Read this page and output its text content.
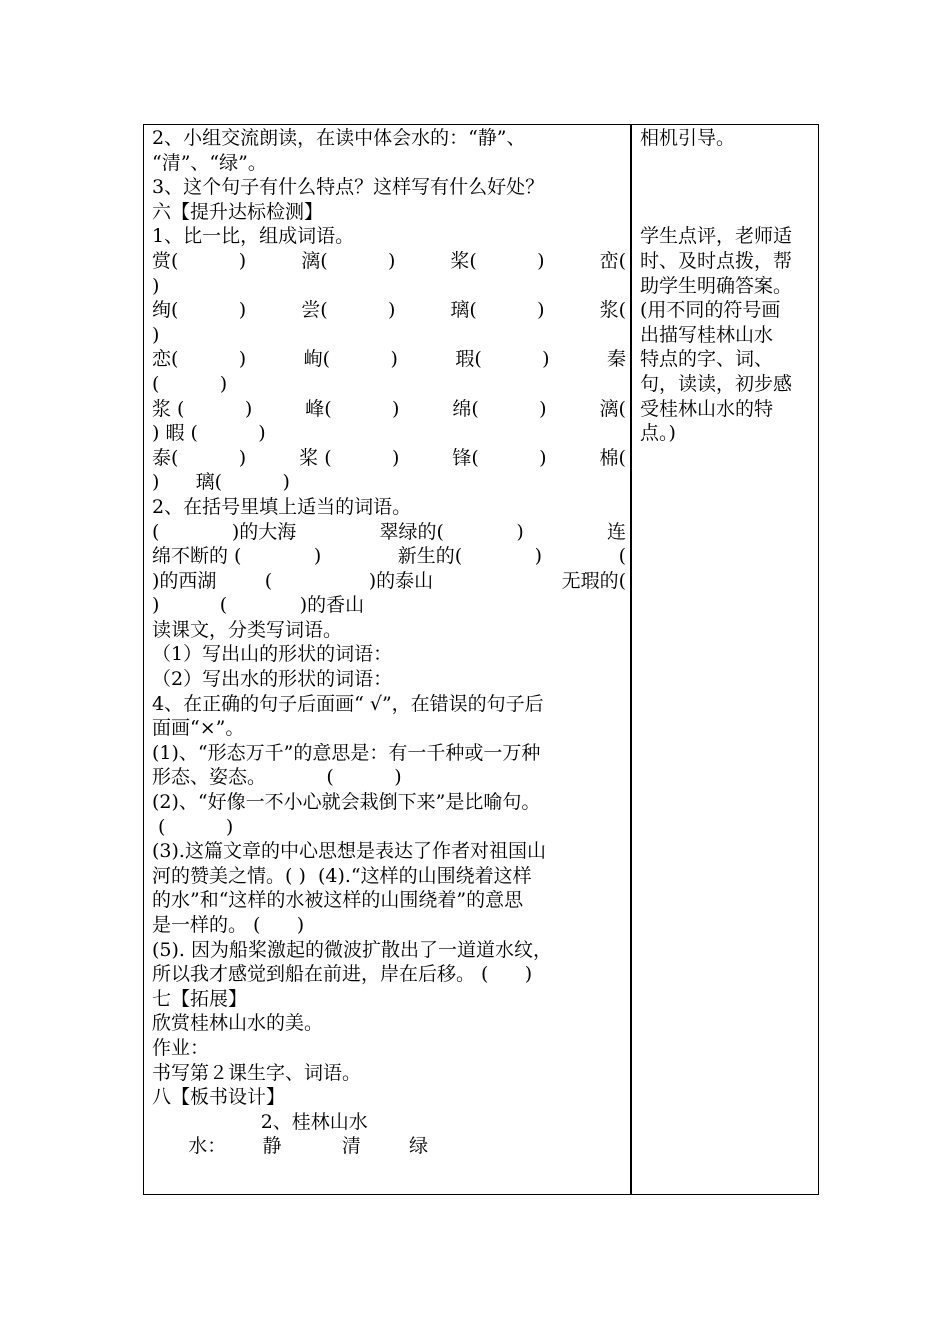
2、小组交流朗读，在读中体会水的：“静”、
“清”、“绿”。
3、这个句子有什么特点？这样写有什么好处？
六【提升达标检测】
1、比一比，组成词语。
赏(          )	漓(          )	桨(          )	峦(
)
绚(          )	尝(          )	璃(          )	浆(
)
恋(          )	峋(          )	瑕(          )	秦
(          )
浆 (          )	峰(          )	绵(          )	漓(
) 暇 (          )
泰(          )	桨 (          )	锋(          )	棉(
)      璃(          )
2、在括号里填上适当的词语。
(            )的大海	翠绿的(            )	连
绵不断的 (            )	新生的(            )	(
)的西湖        (                )的泰山	无瑕的(
)          (            )的香山
读课文，分类写词语。
（1）写出山的形状的词语：
（2）写出水的形状的词语：
4、在正确的句子后面画“ √”，在错误的句子后
面画“×”。
(1)、“形态万千”的意思是：有一千种或一万种
形态、姿态。          (          )
(2)、“好像一不小心就会栽倒下来”是比喻句。
(          )
(3).这篇文章的中心思想是表达了作者对祖国山
河的赞美之情。( )  (4).“这样的山围绕着这样
的水”和“这样的水被这样的山围绕着”的意思
是一样的。 (      )
(5). 因为船桨激起的微波扩散出了一道道水纹，
所以我才感觉到船在前进，岸在后移。 (      )
七【拓展】
欣赏桂林山水的美。
作业：
书写第２课生字、词语。
八【板书设计】
2、桂林山水
水：      静          清        绿
相机引导。
学生点评，老师适
时、及时点拨，帮
助学生明确答案。
(用不同的符号画
出描写桂林山水
特点的字、词、
句，读读，初步感
受桂林山水的特
点。)
